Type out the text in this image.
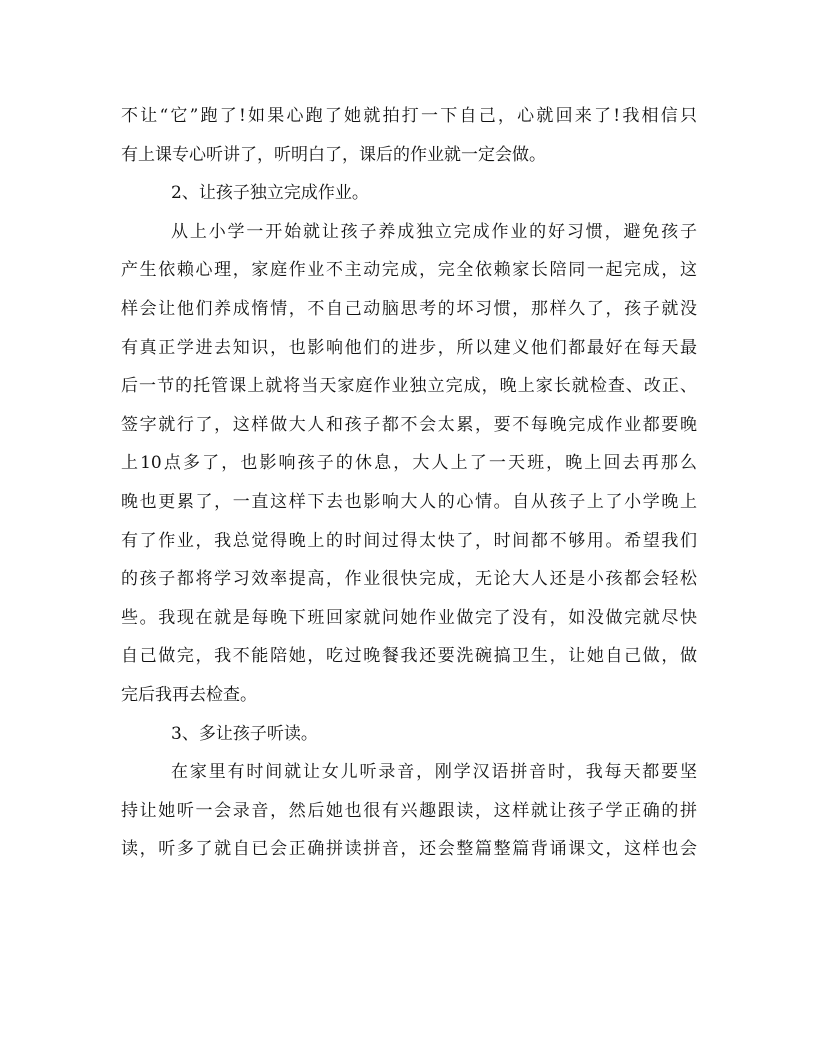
不让“它”跑了!如果心跑了她就拍打一下自己，心就回来了!我相信只
有上课专心听讲了，听明白了，课后的作业就一定会做。
2、让孩子独立完成作业。
从上小学一开始就让孩子养成独立完成作业的好习惯，避免孩子
产生依赖心理，家庭作业不主动完成，完全依赖家长陪同一起完成，这
样会让他们养成惰情，不自己动脑思考的坏习惯，那样久了，孩子就没
有真正学进去知识，也影响他们的进步，所以建义他们都最好在每天最
后一节的托管课上就将当天家庭作业独立完成，晚上家长就检查、改正、
签字就行了，这样做大人和孩子都不会太累，要不每晚完成作业都要晚
上10点多了，也影响孩子的休息，大人上了一天班，晚上回去再那么
晚也更累了，一直这样下去也影响大人的心情。自从孩子上了小学晚上
有了作业，我总觉得晚上的时间过得太快了，时间都不够用。希望我们
的孩子都将学习效率提高，作业很快完成，无论大人还是小孩都会轻松
些。我现在就是每晚下班回家就问她作业做完了没有，如没做完就尽快
自己做完，我不能陪她，吃过晚餐我还要洗碗搞卫生，让她自己做，做
完后我再去检查。
3、多让孩子听读。
在家里有时间就让女儿听录音，刚学汉语拼音时，我每天都要坚
持让她听一会录音，然后她也很有兴趣跟读，这样就让孩子学正确的拼
读，听多了就自已会正确拼读拼音，还会整篇整篇背诵课文，这样也会
